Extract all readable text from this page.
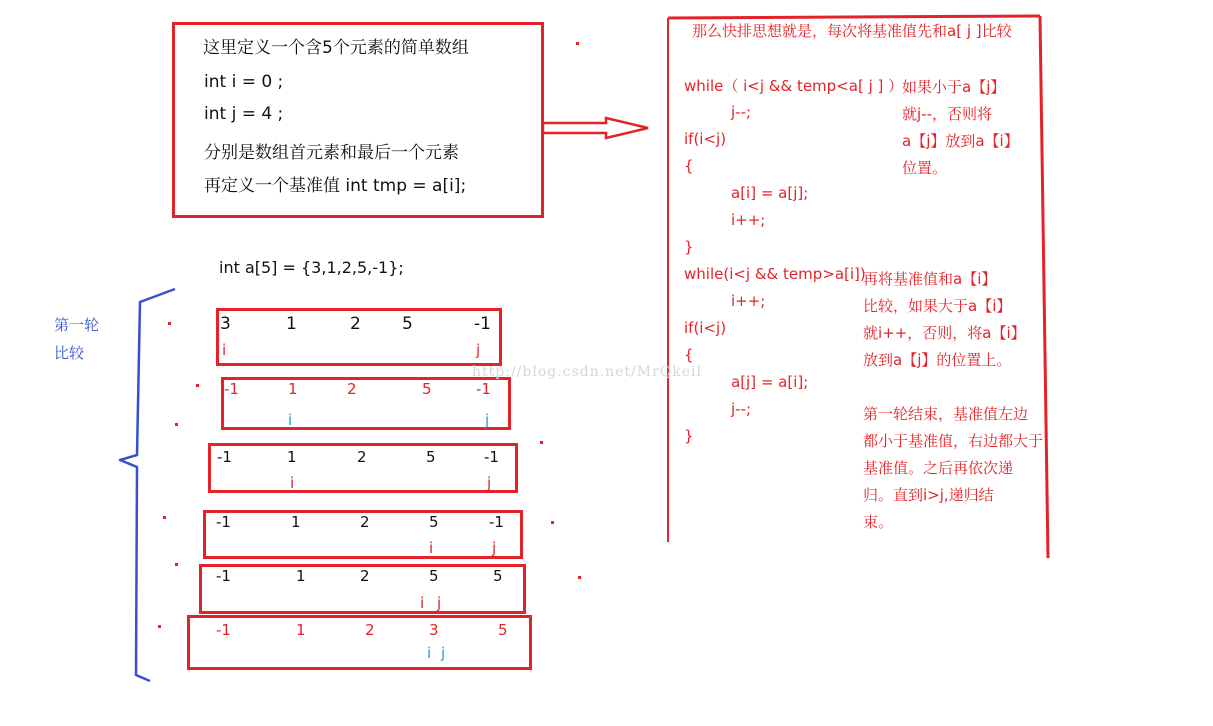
这里定义一个含5个元素的简单数组
int i = 0 ;
int j = 4 ;
分别是数组首元素和最后一个元素
再定义一个基准值 int tmp = a[i];
int a[5] = {3,1,2,5,-1};
第一轮
比较
3	1	2 5	-1
i	j
-1	1	2	5	-1
i	j
-1	1	2	5	-1
i	j
-1	1	2	5	-1
i	j
-1	1	2	5	5
i j
-1	1	2	3	5
i j
那么快排思想就是，每次将基准值先和a[ j ]比较
while（ i<j && temp<a[ j ] ）
j--;
if(i<j)
{
a[i] = a[j];
i++;
}
while(i<j && temp>a[i])
i++;
if(i<j)
{
a[j] = a[i];
j--;
}
如果小于a【j】
就j--，否则将
a【j】放到a【i】
位置。
再将基准值和a【i】
比较，如果大于a【i】
就i++，否则，将a【i】
放到a【j】的位置上。
第一轮结束，基准值左边
都小于基准值，右边都大于
基准值。之后再依次递
归。直到i>j,递归结
束。
http://blog.csdn.net/MrQkeil
